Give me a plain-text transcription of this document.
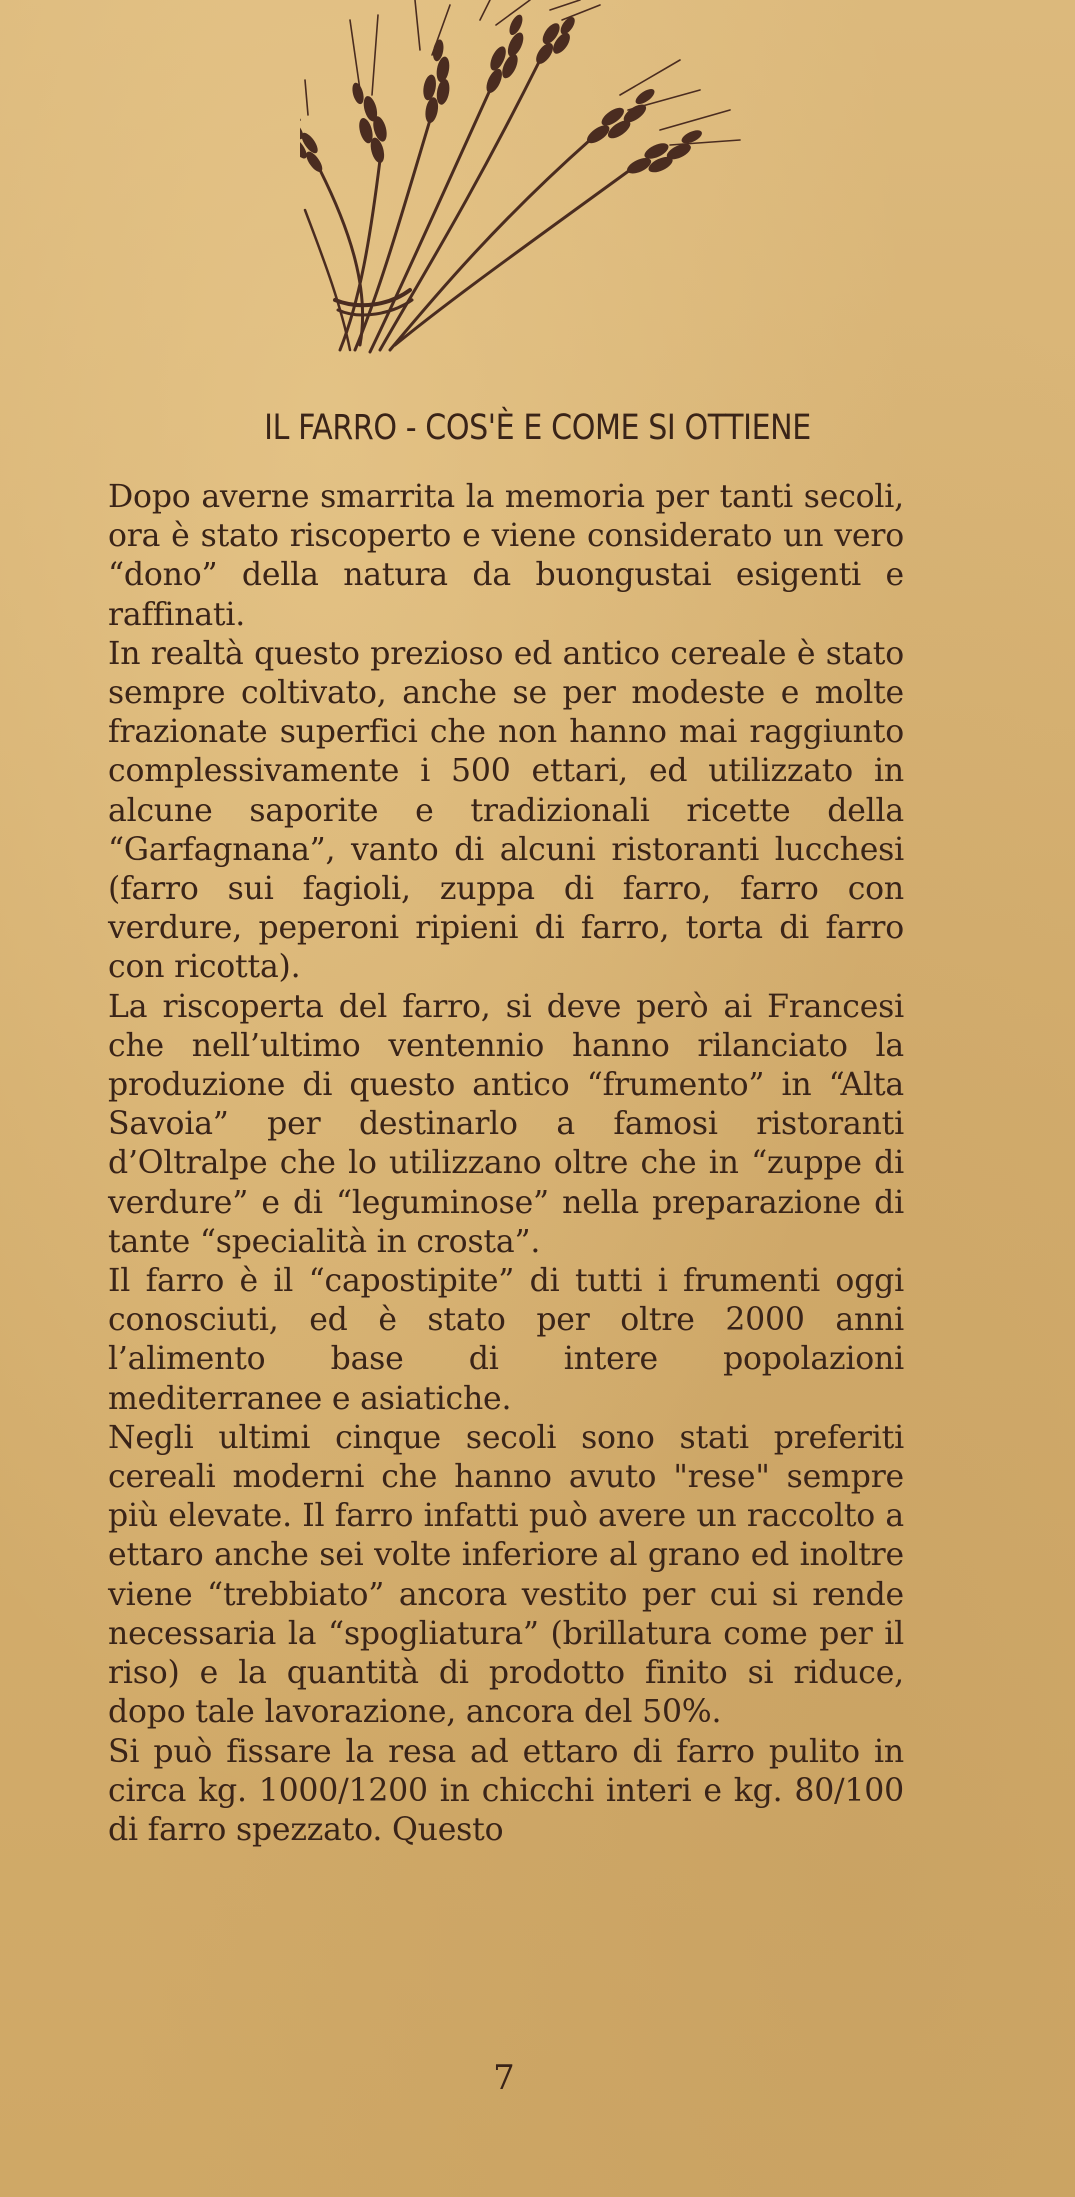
IL FARRO - COS'È E COME SI OTTIENE

Dopo averne smarrita la memoria per tanti secoli, ora è stato riscoperto e viene considerato un vero “dono” della natura da buongustai esigenti e raffinati.

In realtà questo prezioso ed antico cereale è stato sempre coltivato, anche se per modeste e molte frazionate superfici che non hanno mai raggiunto complessivamente i 500 ettari, ed utilizzato in alcune saporite e tradizionali ricette della “Garfagnana”, vanto di alcuni ristoranti lucchesi (farro sui fagioli, zuppa di farro, farro con verdure, peperoni ripieni di farro, torta di farro con ricotta).

La riscoperta del farro, si deve però ai Francesi che nell’ultimo ventennio hanno rilanciato la produzione di questo antico “frumento” in “Alta Savoia” per destinarlo a famosi ristoranti d’Oltralpe che lo utilizzano oltre che in “zuppe di verdure” e di “leguminose” nella preparazione di tante “specialità in crosta”.

Il farro è il “capostipite” di tutti i frumenti oggi conosciuti, ed è stato per oltre 2000 anni l’alimento base di intere popolazioni mediterranee e asiatiche.

Negli ultimi cinque secoli sono stati preferiti cereali moderni che hanno avuto "rese" sempre più elevate. Il farro infatti può avere un raccolto a ettaro anche sei volte inferiore al grano ed inoltre viene “trebbiato” ancora vestito per cui si rende necessaria la “spogliatura” (brillatura come per il riso) e la quantità di prodotto finito si riduce, dopo tale lavorazione, ancora del 50%.

Si può fissare la resa ad ettaro di farro pulito in circa kg. 1000/1200 in chicchi interi e kg. 80/100 di farro spezzato. Questo

7
